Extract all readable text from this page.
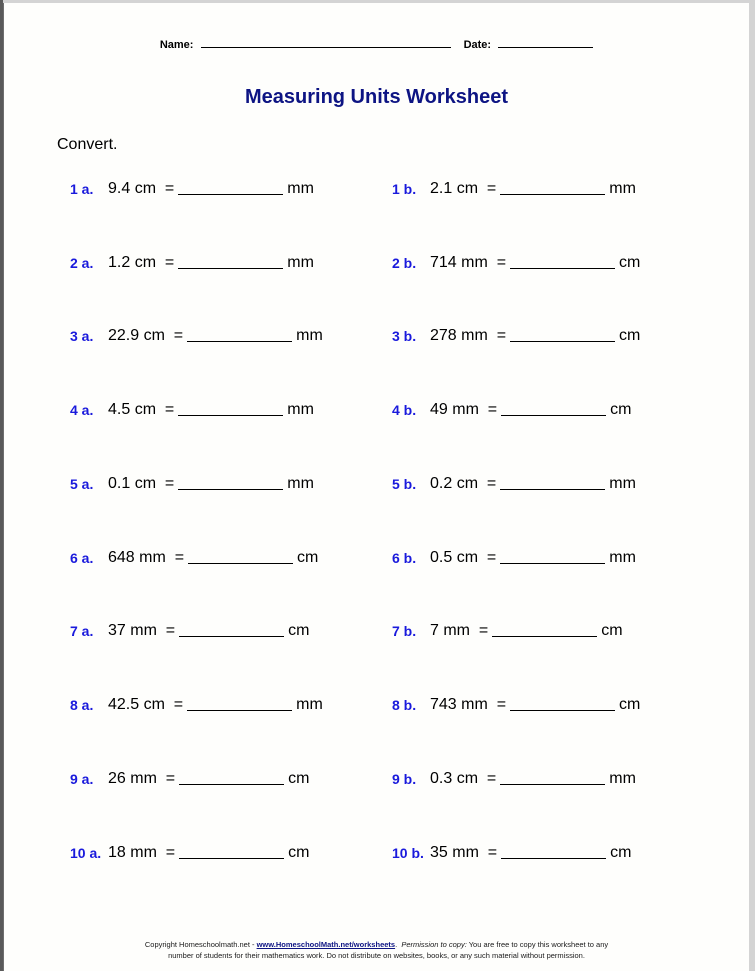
Name:	Date:
Measuring Units Worksheet
Convert.
1 a. 9.4 cm  =	mm	1 b. 2.1 cm  =	mm
2 a. 1.2 cm  =	mm	2 b. 714 mm  =	cm
3 a. 22.9 cm  =	mm	3 b. 278 mm  =	cm
4 a. 4.5 cm  =	mm	4 b. 49 mm  =	cm
5 a. 0.1 cm  =	mm	5 b. 0.2 cm  =	mm
6 a. 648 mm  =	cm	6 b. 0.5 cm  =	mm
7 a. 37 mm  =	cm	7 b. 7 mm  =	cm
8 a. 42.5 cm  =	mm	8 b. 743 mm  =	cm
9 a. 26 mm  =	cm	9 b. 0.3 cm  =	mm
10 a. 18 mm  =	cm	10 b. 35 mm  =	cm
Copyright Homeschoolmath.net - www.HomeschoolMath.net/worksheets.  Permission to copy: You are free to copy this worksheet to any
number of students for their mathematics work. Do not distribute on websites, books, or any such material without permission.
